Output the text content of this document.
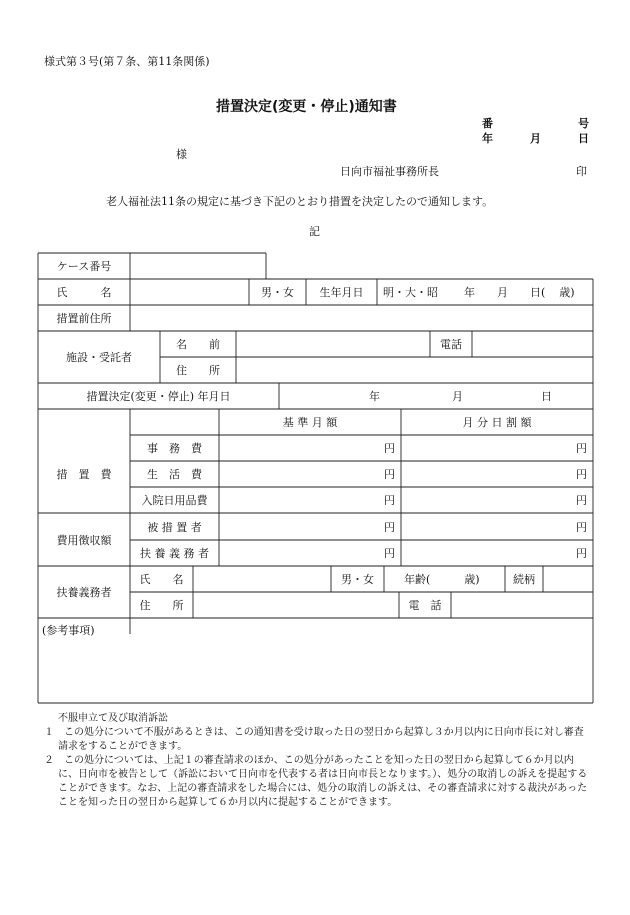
様式第３号(第７条、第11条関係)
措置決定(変更・停止)通知書
番	号
年	月	日
様
日向市福祉事務所長	印
老人福祉法11条の規定に基づき下記のとおり措置を決定したので通知します。
記
ケース番号
氏　　　名	男・女	生年月日	明・大・昭 年 月 日( 歳)
措置前住所
施設・受託者
名　　前	電話
住　　所
措置決定(変更・停止) 年月日	年	月	日
基 準 月 額	月 分 日 割 額
措　置　費
事　務　費	円	円
生　活　費	円	円
入院日用品費	円	円
費用徴収額
被 措 置 者	円	円
扶 養 義 務 者	円	円
扶養義務者
氏　　名	男・女	年齢(	歳)	続柄
住　　所	電　話
(参考事項)

不服申立て及び取消訴訟

１　この処分について不服があるときは、この通知書を受け取った日の翌日から起算し３か月以内に日向市長に対し審査請求をすることができます。

２　この処分については、上記１の審査請求のほか、この処分があったことを知った日の翌日から起算して６か月以内に、日向市を被告として（訴訟において日向市を代表する者は日向市長となります。）、処分の取消しの訴えを提起することができます。なお、上記の審査請求をした場合には、処分の取消しの訴えは、その審査請求に対する裁決があったことを知った日の翌日から起算して６か月以内に提起することができます。
